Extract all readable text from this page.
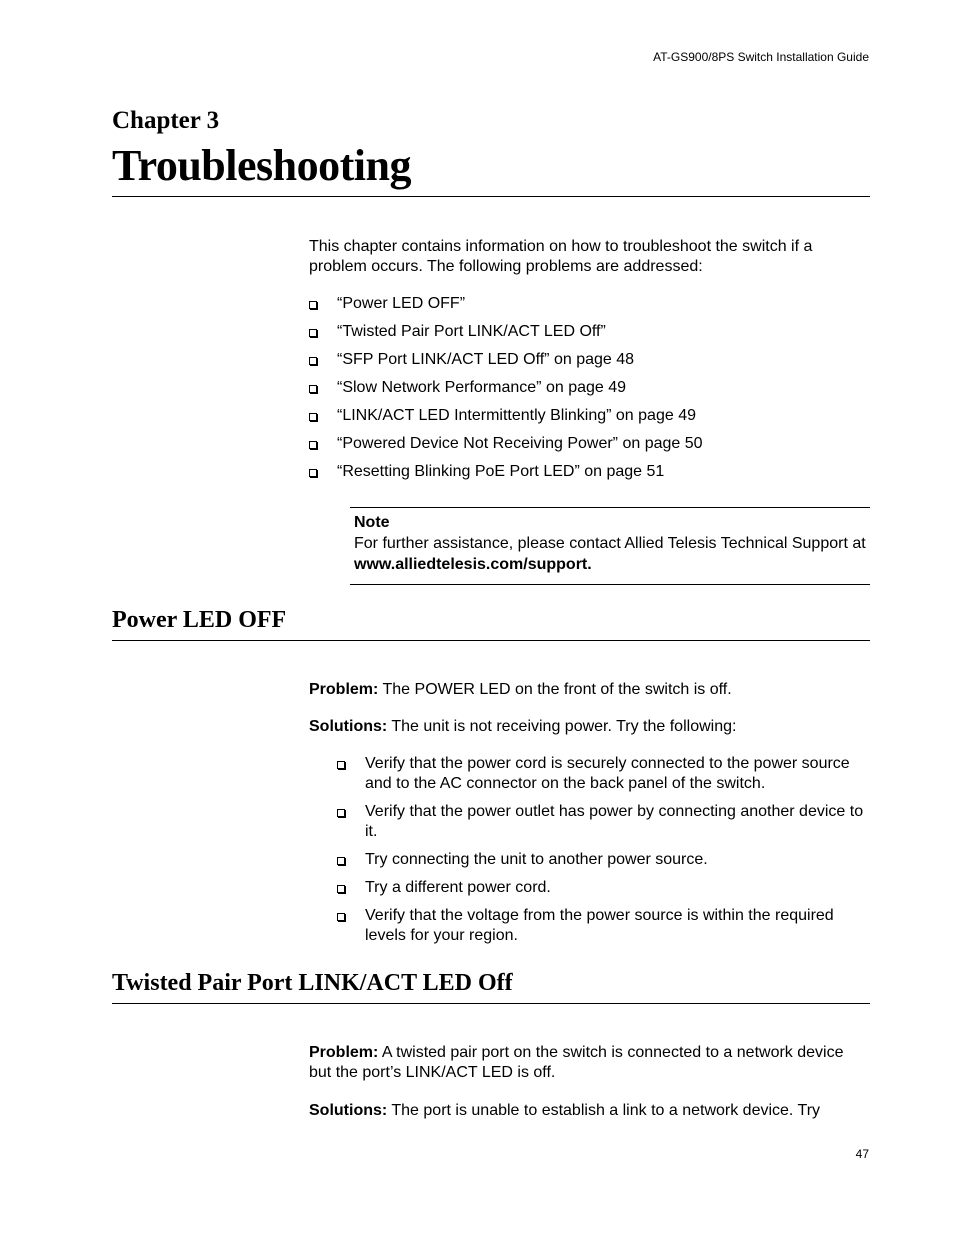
AT-GS900/8PS Switch Installation Guide
Chapter 3
Troubleshooting
This chapter contains information on how to troubleshoot the switch if a problem occurs. The following problems are addressed:
“Power LED OFF”
“Twisted Pair Port LINK/ACT LED Off”
“SFP Port LINK/ACT LED Off” on page 48
“Slow Network Performance” on page 49
“LINK/ACT LED Intermittently Blinking” on page 49
“Powered Device Not Receiving Power” on page 50
“Resetting Blinking PoE Port LED” on page 51
Note
For further assistance, please contact Allied Telesis Technical Support at www.alliedtelesis.com/support.
Power LED OFF
Problem: The POWER LED on the front of the switch is off.
Solutions: The unit is not receiving power. Try the following:
Verify that the power cord is securely connected to the power source and to the AC connector on the back panel of the switch.
Verify that the power outlet has power by connecting another device to it.
Try connecting the unit to another power source.
Try a different power cord.
Verify that the voltage from the power source is within the required levels for your region.
Twisted Pair Port LINK/ACT LED Off
Problem: A twisted pair port on the switch is connected to a network device but the port’s LINK/ACT LED is off.
Solutions: The port is unable to establish a link to a network device. Try
47
